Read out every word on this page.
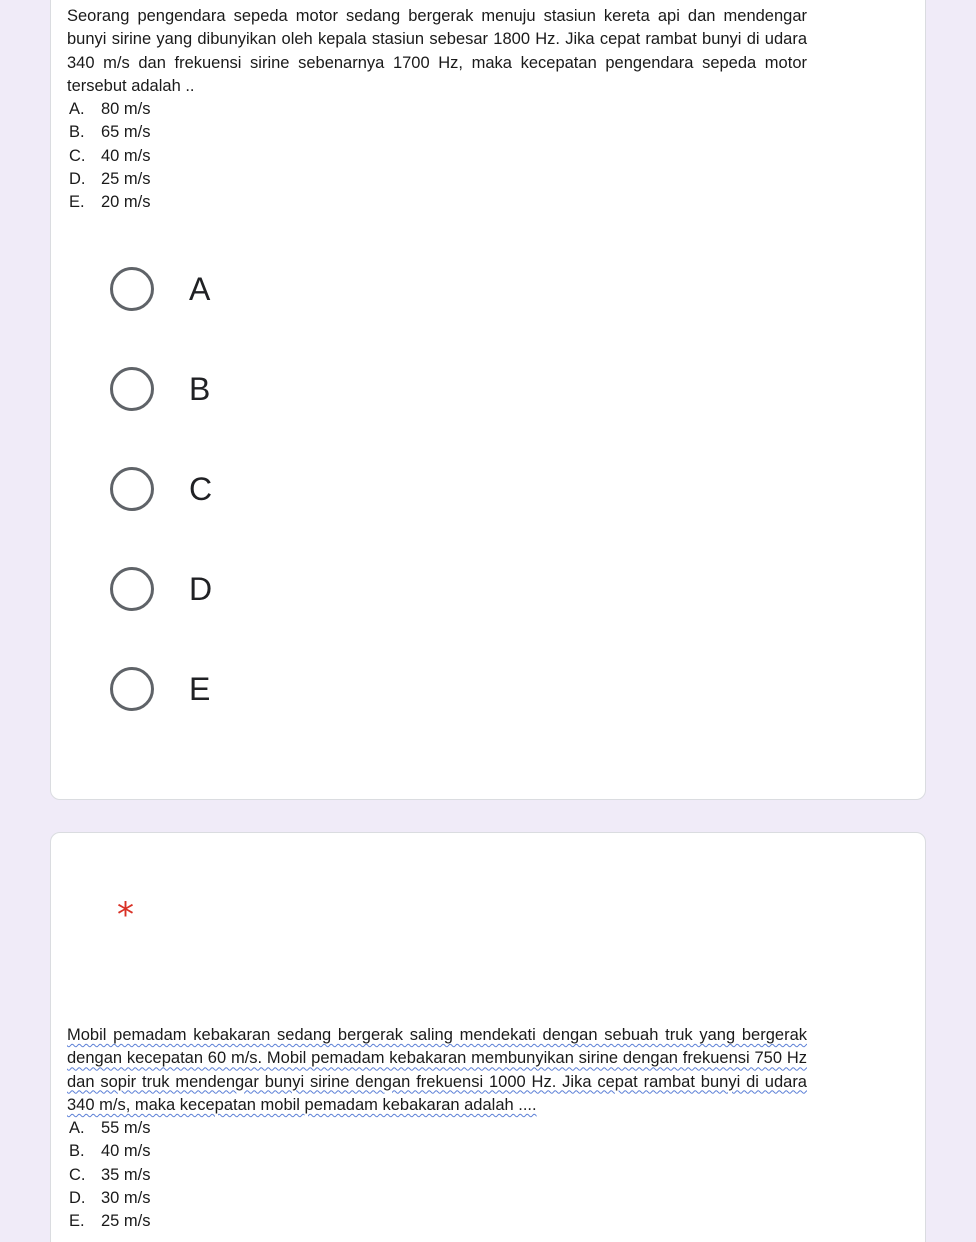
Seorang pengendara sepeda motor sedang bergerak menuju stasiun kereta api dan mendengar bunyi sirine yang dibunyikan oleh kepala stasiun sebesar 1800 Hz. Jika cepat rambat bunyi di udara 340 m/s dan frekuensi sirine sebenarnya 1700 Hz, maka kecepatan pengendara sepeda motor tersebut adalah ..

A. 80 m/s
B. 65 m/s
C. 40 m/s
D. 25 m/s
E. 20 m/s
A
B
C
D
E
*

Mobil pemadam kebakaran sedang bergerak saling mendekati dengan sebuah truk yang bergerak dengan kecepatan 60 m/s. Mobil pemadam kebakaran membunyikan sirine dengan frekuensi 750 Hz dan sopir truk mendengar bunyi sirine dengan frekuensi 1000 Hz. Jika cepat rambat bunyi di udara 340 m/s, maka kecepatan mobil pemadam kebakaran adalah ....

A. 55 m/s
B. 40 m/s
C. 35 m/s
D. 30 m/s
E. 25 m/s
